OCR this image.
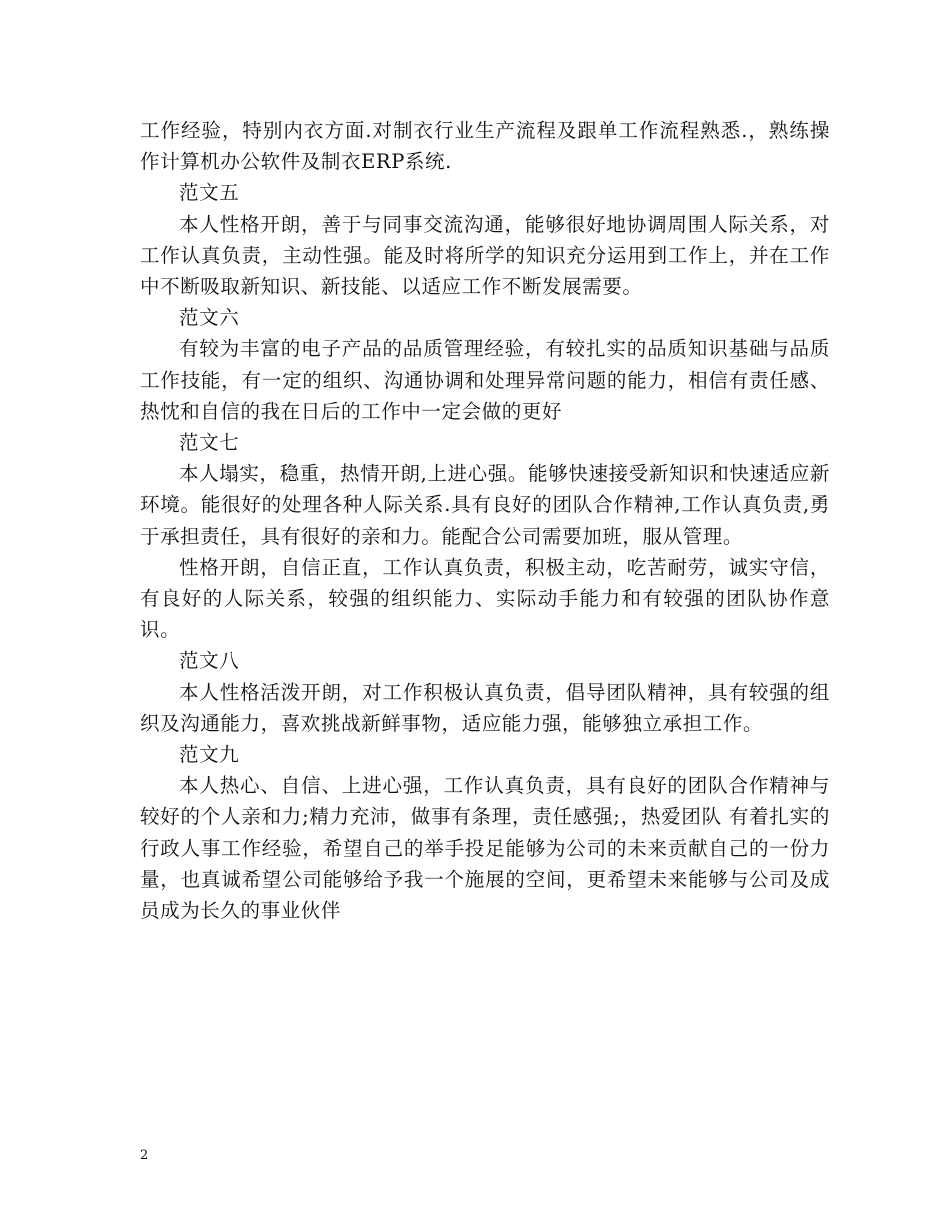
工作经验，特别内衣方面.对制衣行业生产流程及跟单工作流程熟悉.，熟练操作计算机办公软件及制衣ERP系统.

范文五

本人性格开朗，善于与同事交流沟通，能够很好地协调周围人际关系，对工作认真负责，主动性强。能及时将所学的知识充分运用到工作上，并在工作中不断吸取新知识、新技能、以适应工作不断发展需要。

范文六

有较为丰富的电子产品的品质管理经验，有较扎实的品质知识基础与品质工作技能，有一定的组织、沟通协调和处理异常问题的能力，相信有责任感、热忱和自信的我在日后的工作中一定会做的更好

范文七

本人塌实，稳重，热情开朗,上进心强。能够快速接受新知识和快速适应新环境。能很好的处理各种人际关系.具有良好的团队合作精神,工作认真负责,勇于承担责任，具有很好的亲和力。能配合公司需要加班，服从管理。

性格开朗，自信正直，工作认真负责，积极主动，吃苦耐劳，诚实守信，有良好的人际关系，较强的组织能力、实际动手能力和有较强的团队协作意识。

范文八

本人性格活泼开朗，对工作积极认真负责，倡导团队精神，具有较强的组织及沟通能力，喜欢挑战新鲜事物，适应能力强，能够独立承担工作。

范文九

本人热心、自信、上进心强，工作认真负责，具有良好的团队合作精神与较好的个人亲和力;精力充沛，做事有条理，责任感强;，热爱团队 有着扎实的行政人事工作经验，希望自己的举手投足能够为公司的未来贡献自己的一份力量，也真诚希望公司能够给予我一个施展的空间，更希望未来能够与公司及成员成为长久的事业伙伴

2
